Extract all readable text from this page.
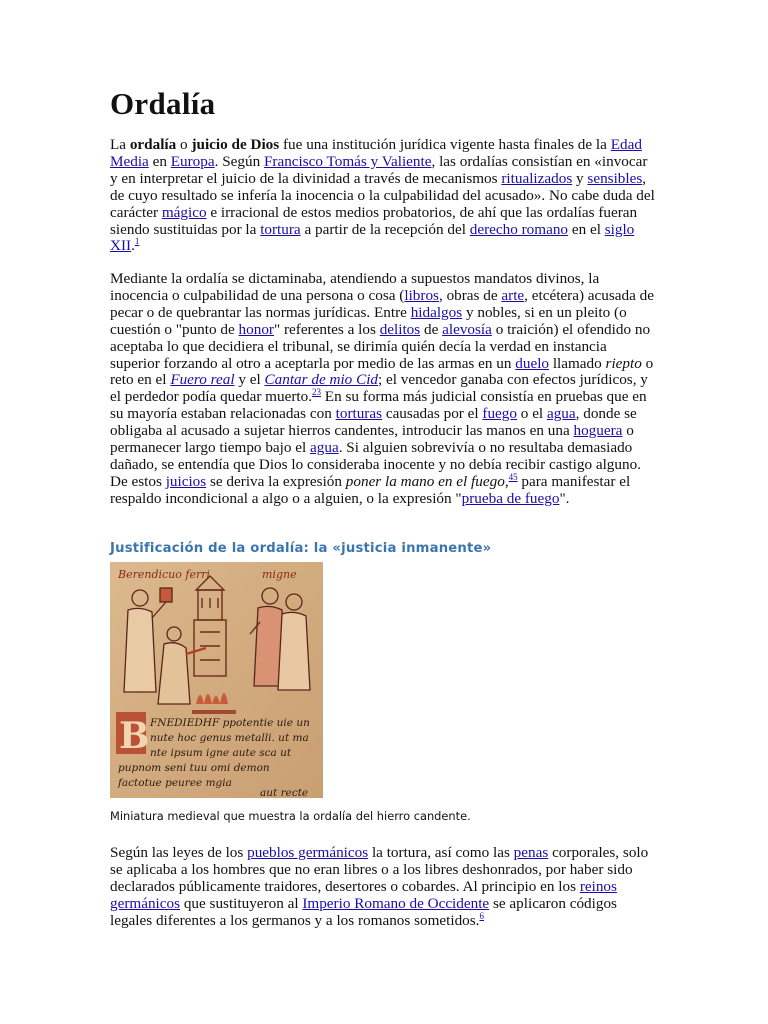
Ordalía

La ordalía o juicio de Dios fue una institución jurídica vigente hasta finales de la Edad Media en Europa. Según Francisco Tomás y Valiente, las ordalías consistían en «invocar y en interpretar el juicio de la divinidad a través de mecanismos ritualizados y sensibles, de cuyo resultado se infería la inocencia o la culpabilidad del acusado». No cabe duda del carácter mágico e irracional de estos medios probatorios, de ahí que las ordalías fueran siendo sustituidas por la tortura a partir de la recepción del derecho romano en el siglo XII.$^1$

Mediante la ordalía se dictaminaba, atendiendo a supuestos mandatos divinos, la inocencia o culpabilidad de una persona o cosa (libros, obras de arte, etcétera) acusada de pecar o de quebrantar las normas jurídicas. Entre hidalgos y nobles, si en un pleito (o cuestión o "punto de honor" referentes a los delitos de alevosía o traición) el ofendido no aceptaba lo que decidiera el tribunal, se dirimía quién decía la verdad en instancia superior forzando al otro a aceptarla por medio de las armas en un duelo llamado riepto o reto en el Fuero real y el Cantar de mio Cid; el vencedor ganaba con efectos jurídicos, y el perdedor podía quedar muerto.$^{23}$ En su forma más judicial consistía en pruebas que en su mayoría estaban relacionadas con torturas causadas por el fuego o el agua, donde se obligaba al acusado a sujetar hierros candentes, introducir las manos en una hoguera o permanecer largo tiempo bajo el agua. Si alguien sobrevivía o no resultaba demasiado dañado, se entendía que Dios lo consideraba inocente y no debía recibir castigo alguno. De estos juicios se deriva la expresión poner la mano en el fuego,$^{45}$ para manifestar el respaldo incondicional a algo o a alguien, o la expresión "prueba de fuego".

Justificación de la ordalía: la «justicia inmanente»
Berendicuo ferri	migne
B FNEDIEDHF ppotentie uie un
nute hoc genus metalli. ut ma
nte ipsum igne aute sca ut
pupnom seni tuu omi demon
factotue peuree mgia
aut recte

Miniatura medieval que muestra la ordalía del hierro candente.

Según las leyes de los pueblos germánicos la tortura, así como las penas corporales, solo se aplicaba a los hombres que no eran libres o a los libres deshonrados, por haber sido declarados públicamente traidores, desertores o cobardes. Al principio en los reinos germánicos que sustituyeron al Imperio Romano de Occidente se aplicaron códigos legales diferentes a los germanos y a los romanos sometidos.$^6$
